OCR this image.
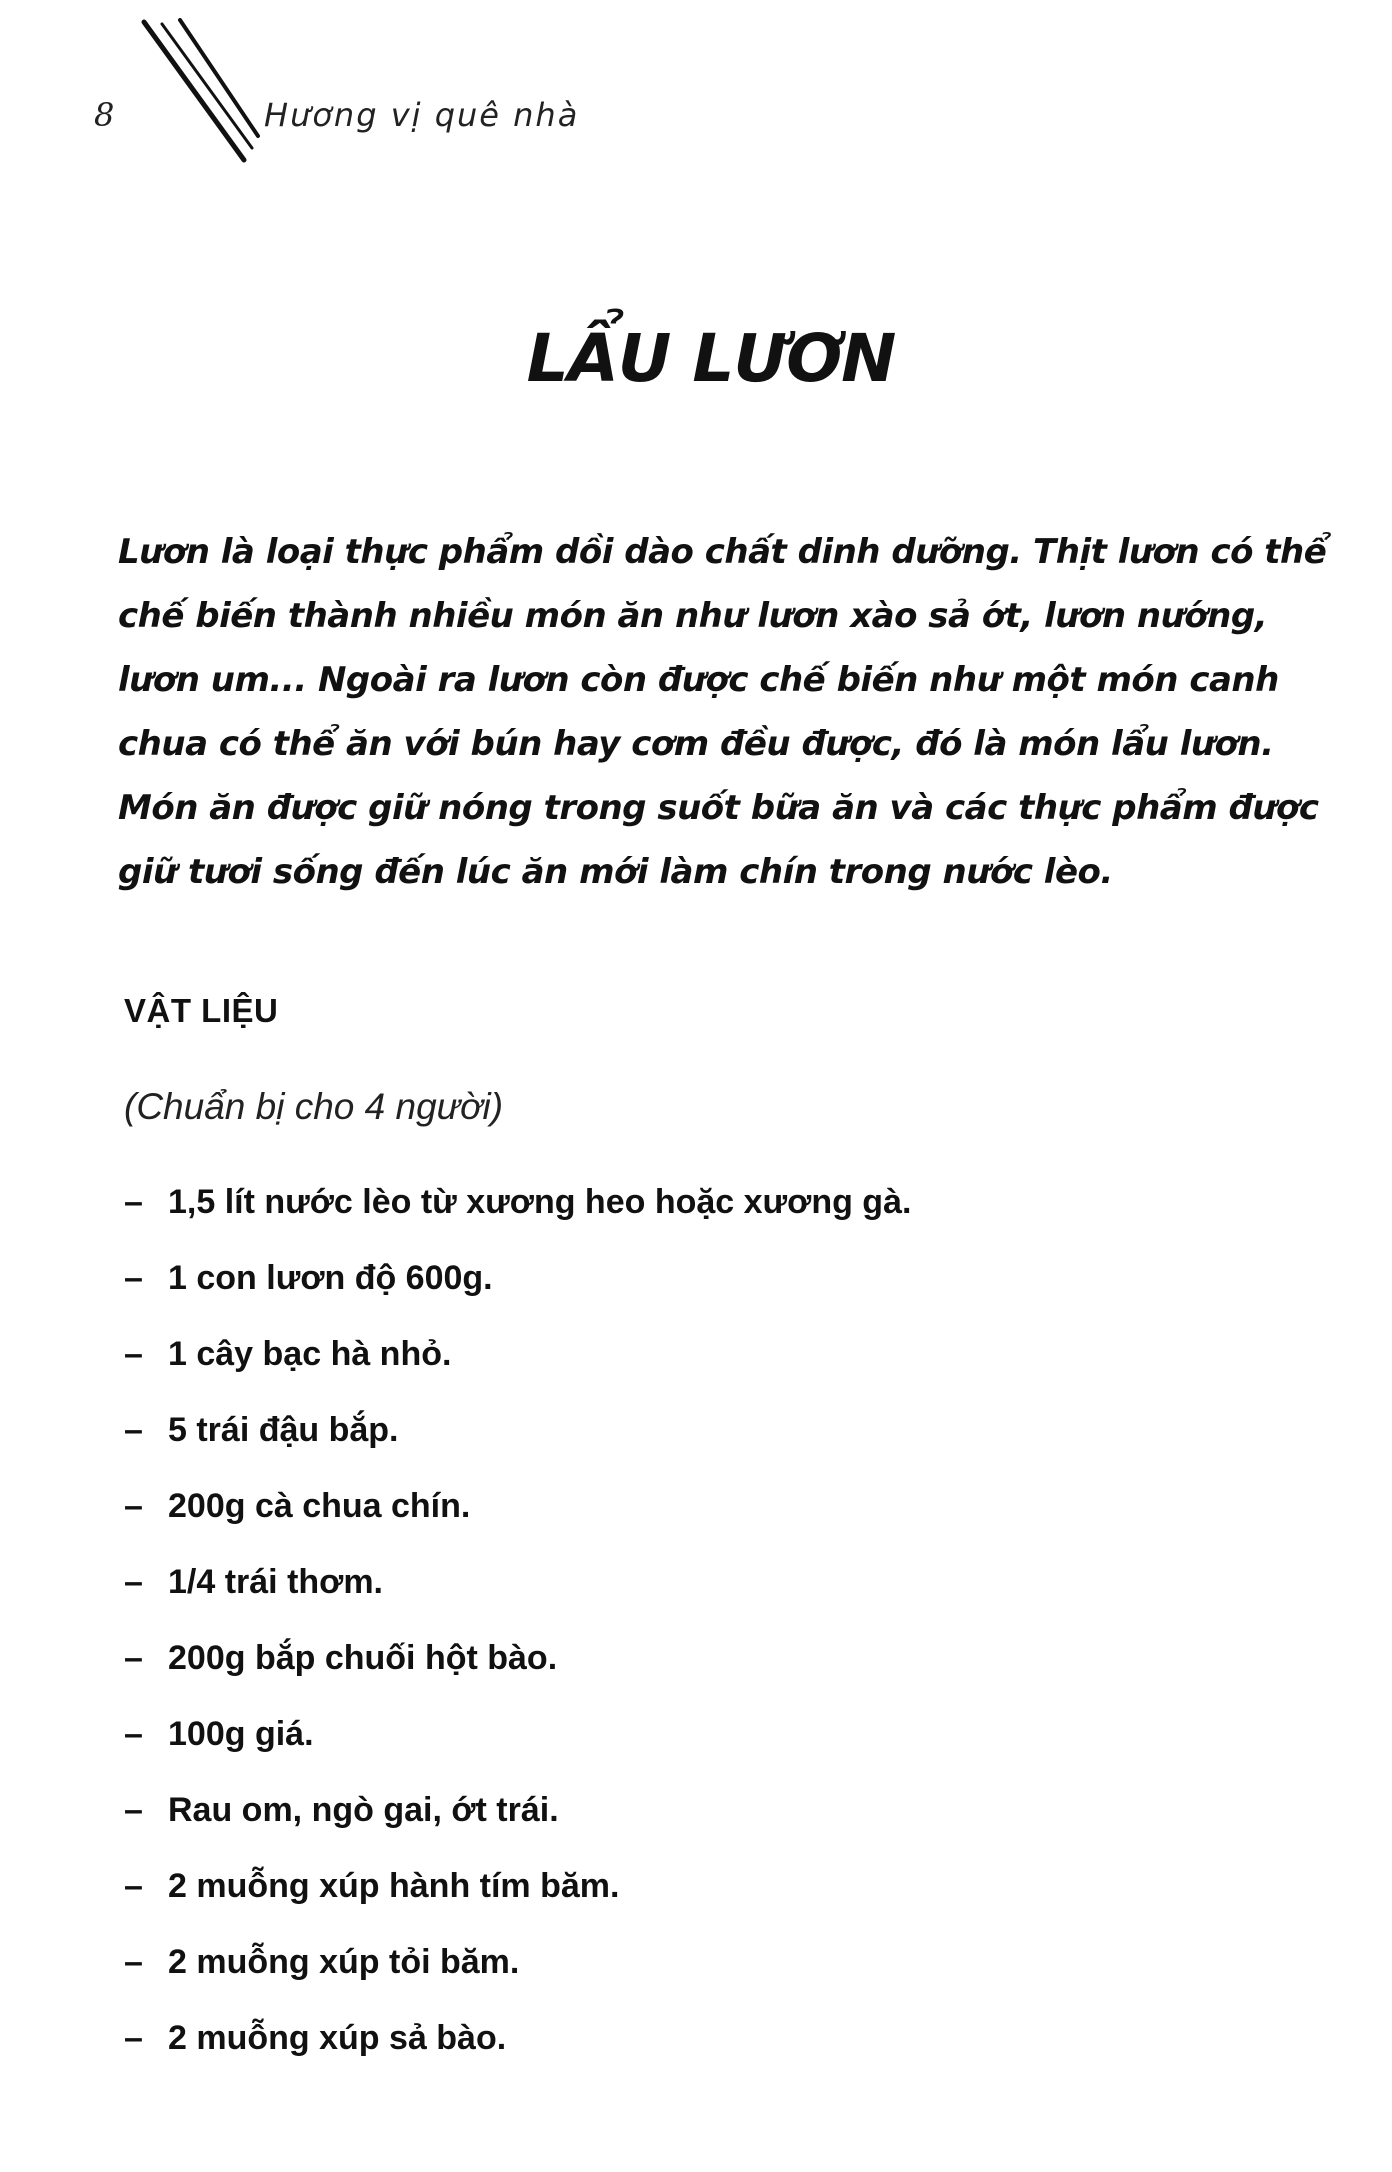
8	Hương vị quê nhà
LẨU LƯƠN

Lươn là loại thực phẩm dồi dào chất dinh dưỡng. Thịt lươn có thể chế biến thành nhiều món ăn như lươn xào sả ớt, lươn nướng, lươn um... Ngoài ra lươn còn được chế biến như một món canh chua có thể ăn với bún hay cơm đều được, đó là món lẩu lươn. Món ăn được giữ nóng trong suốt bữa ăn và các thực phẩm được giữ tươi sống đến lúc ăn mới làm chín trong nước lèo.

VẬT LIỆU
(Chuẩn bị cho 4 người)
– 1,5 lít nước lèo từ xương heo hoặc xương gà.
– 1 con lươn độ 600g.
– 1 cây bạc hà nhỏ.
– 5 trái đậu bắp.
– 200g cà chua chín.
– 1/4 trái thơm.
– 200g bắp chuối hột bào.
– 100g giá.
– Rau om, ngò gai, ớt trái.
– 2 muỗng xúp hành tím băm.
– 2 muỗng xúp tỏi băm.
– 2 muỗng xúp sả bào.
